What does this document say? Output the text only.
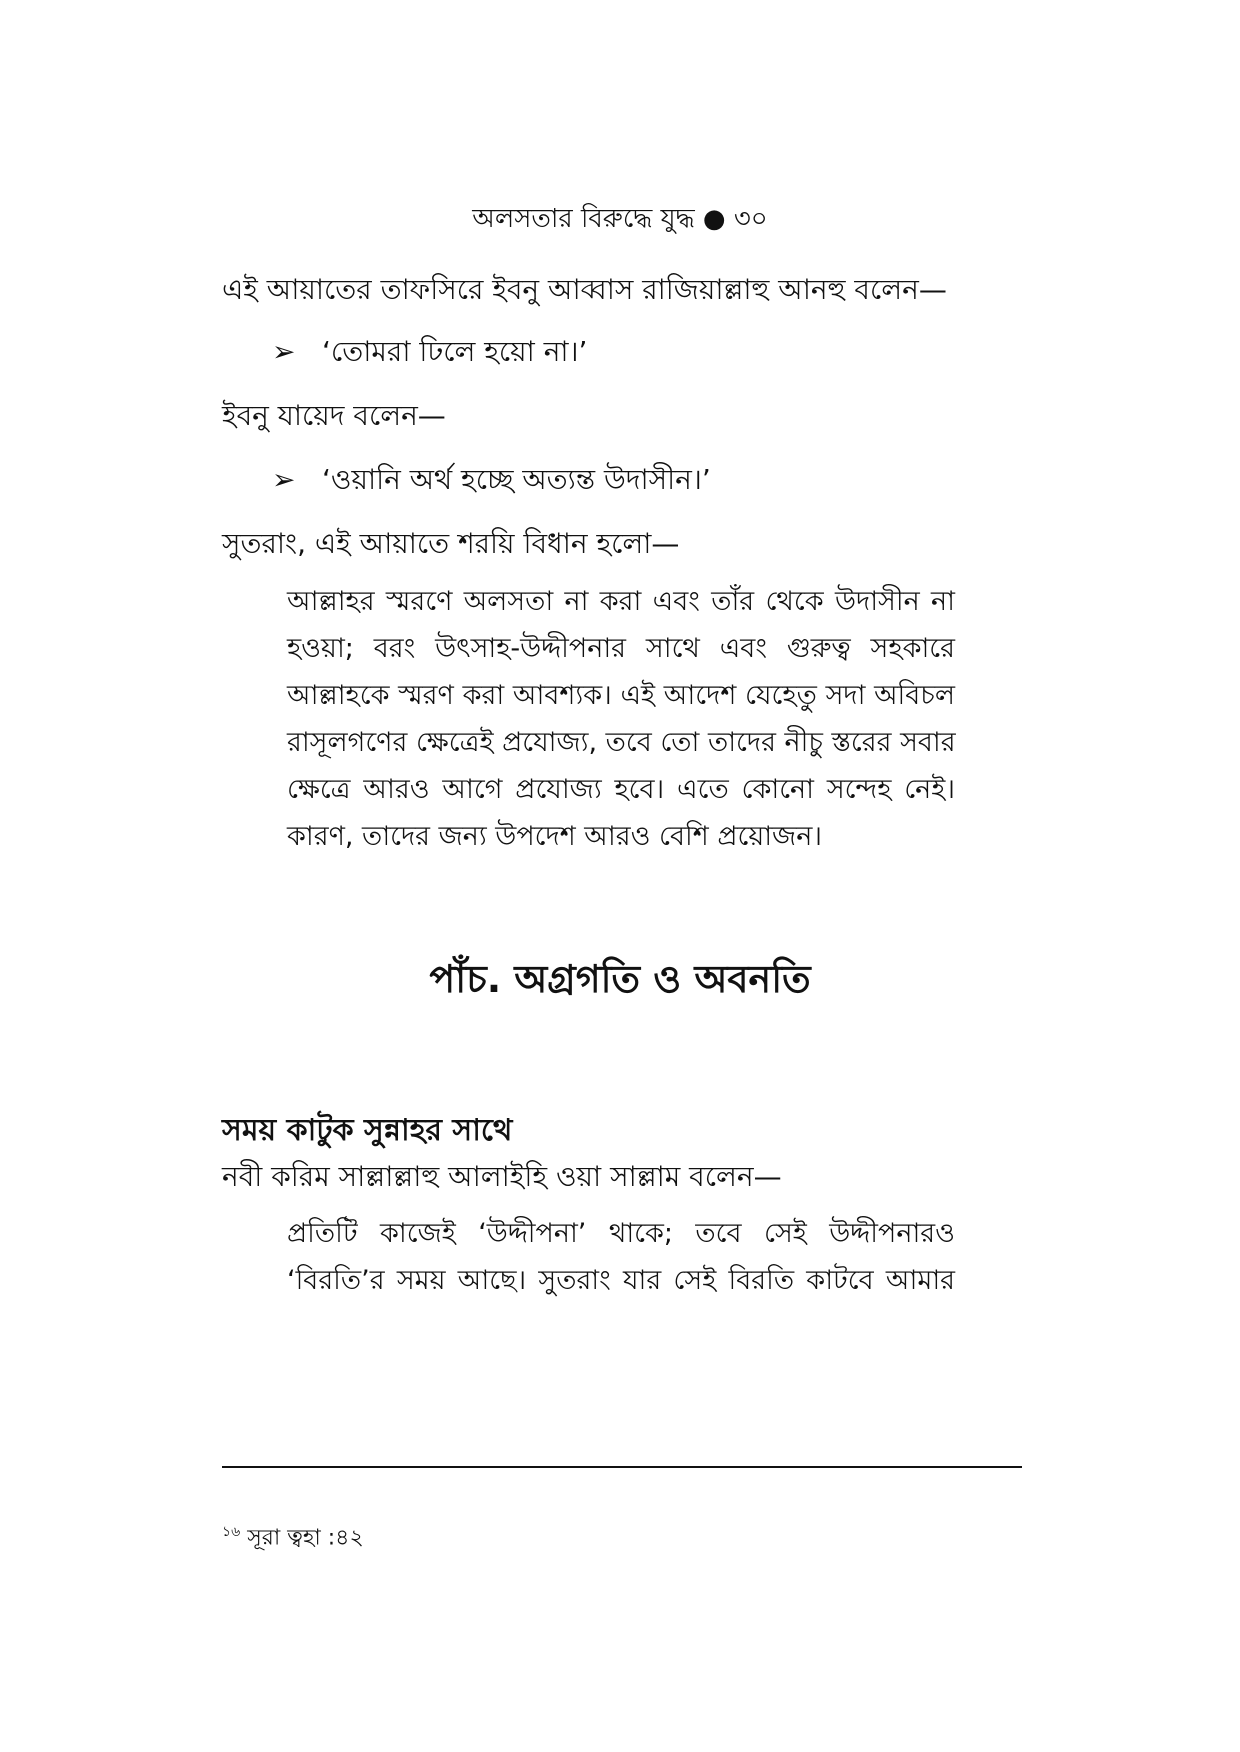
অলসতার বিরুদ্ধে যুদ্ধ ● ৩০
এই আয়াতের তাফসিরে ইবনু আব্বাস রাজিয়াল্লাহু আনহু বলেন—
➢ ‘তোমরা ঢিলে হয়ো না।’
ইবনু যায়েদ বলেন—
➢ ‘ওয়ানি অর্থ হচ্ছে অত্যন্ত উদাসীন।’
সুতরাং, এই আয়াতে শরয়ি বিধান হলো—
আল্লাহর স্মরণে অলসতা না করা এবং তাঁর থেকে উদাসীন না
হওয়া; বরং উৎসাহ-উদ্দীপনার সাথে এবং গুরুত্ব সহকারে
আল্লাহকে স্মরণ করা আবশ্যক। এই আদেশ যেহেতু সদা অবিচল
রাসূলগণের ক্ষেত্রেই প্রযোজ্য, তবে তো তাদের নীচু স্তরের সবার
ক্ষেত্রে আরও আগে প্রযোজ্য হবে। এতে কোনো সন্দেহ নেই।
কারণ, তাদের জন্য উপদেশ আরও বেশি প্রয়োজন।
পাঁচ. অগ্রগতি ও অবনতি
সময় কাটুক সুন্নাহর সাথে
নবী করিম সাল্লাল্লাহু আলাইহি ওয়া সাল্লাম বলেন—
প্রতিটি কাজেই ‘উদ্দীপনা’ থাকে; তবে সেই উদ্দীপনারও
‘বিরতি’র সময় আছে। সুতরাং যার সেই বিরতি কাটবে আমার
$^{১৬}$ সূরা ত্বহা :৪২
